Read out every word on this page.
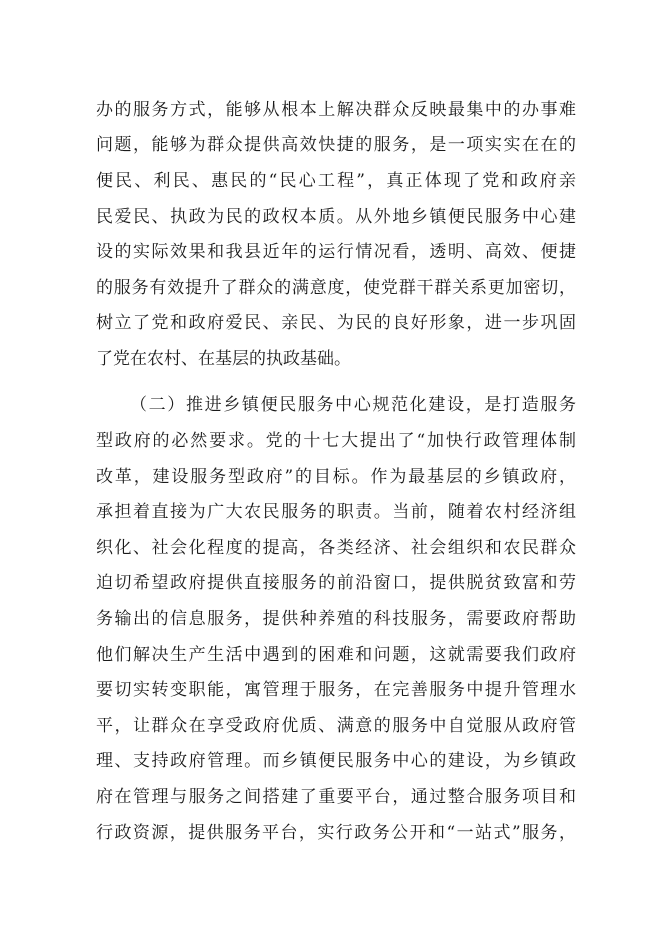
办的服务方式，能够从根本上解决群众反映最集中的办事难
问题，能够为群众提供高效快捷的服务，是一项实实在在的
便民、利民、惠民的“民心工程”，真正体现了党和政府亲
民爱民、执政为民的政权本质。从外地乡镇便民服务中心建
设的实际效果和我县近年的运行情况看，透明、高效、便捷
的服务有效提升了群众的满意度，使党群干群关系更加密切，
树立了党和政府爱民、亲民、为民的良好形象，进一步巩固
了党在农村、在基层的执政基础。
（二）推进乡镇便民服务中心规范化建设，是打造服务
型政府的必然要求。党的十七大提出了“加快行政管理体制
改革，建设服务型政府”的目标。作为最基层的乡镇政府，
承担着直接为广大农民服务的职责。当前，随着农村经济组
织化、社会化程度的提高，各类经济、社会组织和农民群众
迫切希望政府提供直接服务的前沿窗口，提供脱贫致富和劳
务输出的信息服务，提供种养殖的科技服务，需要政府帮助
他们解决生产生活中遇到的困难和问题，这就需要我们政府
要切实转变职能，寓管理于服务，在完善服务中提升管理水
平，让群众在享受政府优质、满意的服务中自觉服从政府管
理、支持政府管理。而乡镇便民服务中心的建设，为乡镇政
府在管理与服务之间搭建了重要平台，通过整合服务项目和
行政资源，提供服务平台，实行政务公开和“一站式”服务，
